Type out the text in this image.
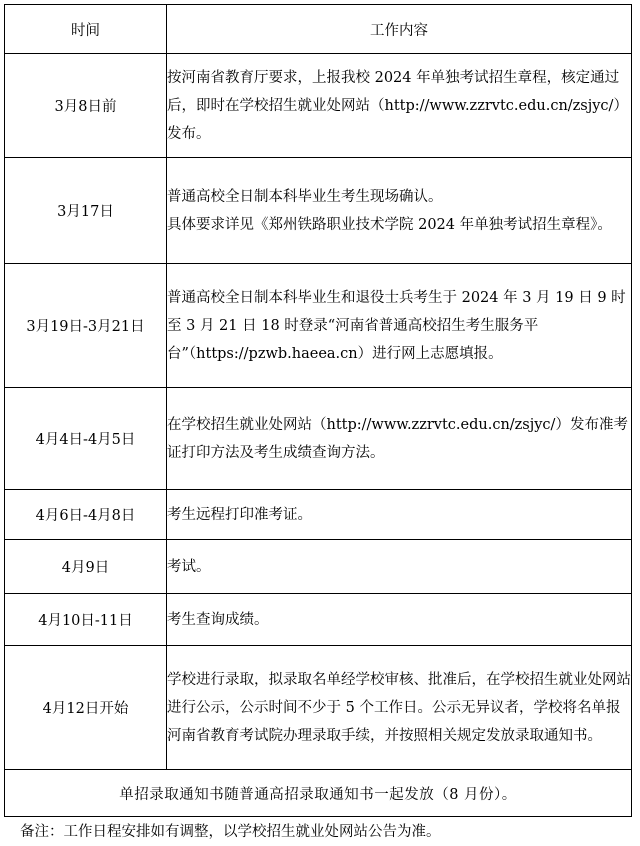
时间	工作内容
3月8日前	按河南省教育厅要求，上报我校 2024 年单独考试招生章程，核定通过后，即时在学校招生就业处网站（http://www.zzrvtc.edu.cn/zsjyc/）发布。

3月17日	普通高校全日制本科毕业生考生现场确认。
具体要求详见《郑州铁路职业技术学院 2024 年单独考试招生章程》。

3月19日-3月21日	普通高校全日制本科毕业生和退役士兵考生于 2024 年 3 月 19 日 9 时至 3 月 21 日 18 时登录“河南省普通高校招生考生服务平台”（https://pzwb.haeea.cn）进行网上志愿填报。

4月4日-4月5日	在学校招生就业处网站（http://www.zzrvtc.edu.cn/zsjyc/）发布准考证打印方法及考生成绩查询方法。

4月6日-4月8日	考生远程打印准考证。

4月9日	考试。

4月10日-11日	考生查询成绩。

4月12日开始	学校进行录取，拟录取名单经学校审核、批准后，在学校招生就业处网站进行公示，公示时间不少于 5 个工作日。公示无异议者，学校将名单报河南省教育考试院办理录取手续，并按照相关规定发放录取通知书。

单招录取通知书随普通高招录取通知书一起发放（8 月份）。	
备注：工作日程安排如有调整，以学校招生就业处网站公告为准。
